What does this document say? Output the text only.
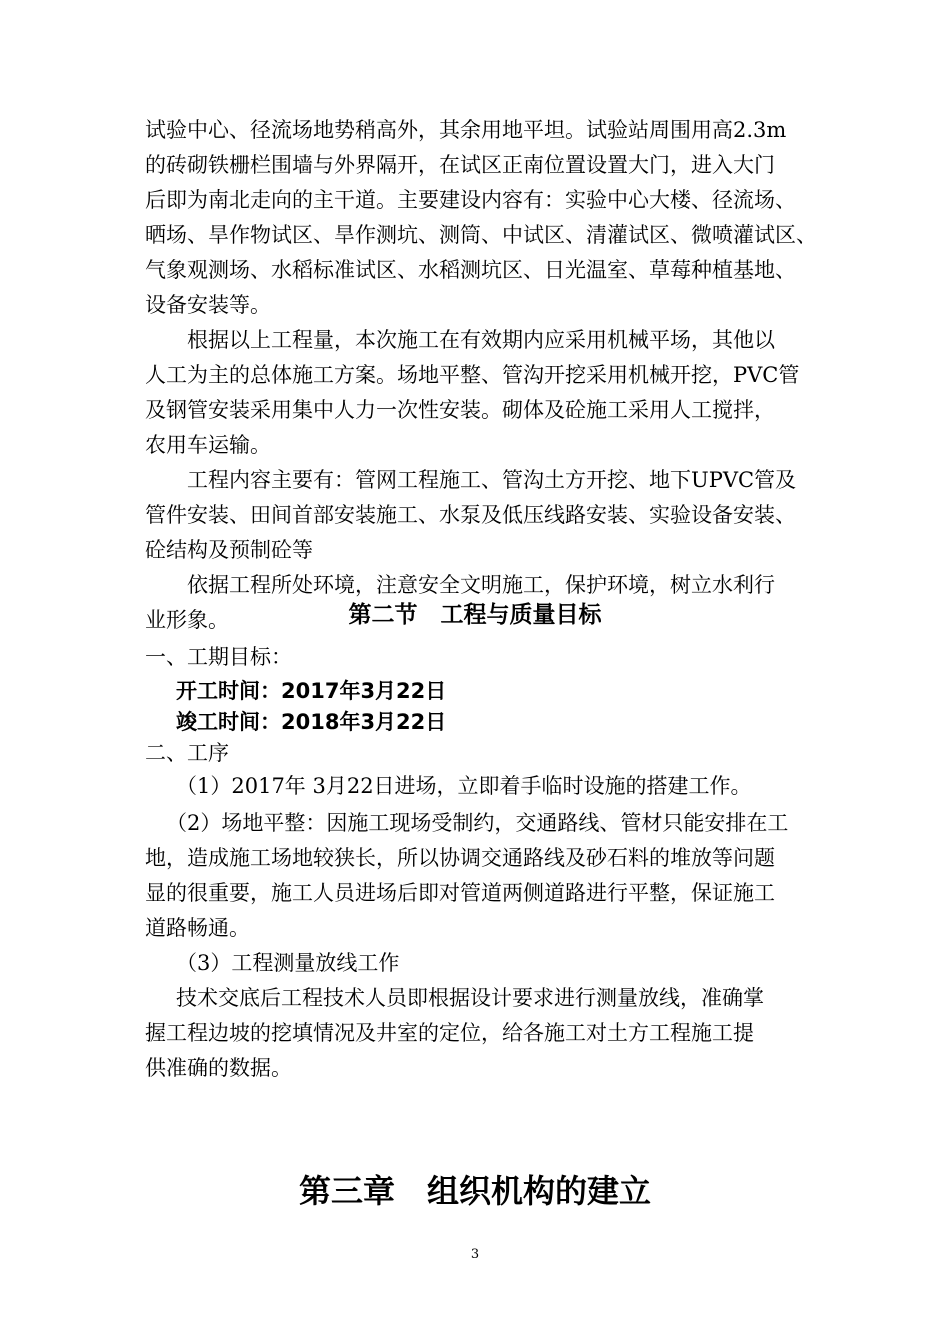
试验中心、径流场地势稍高外，其余用地平坦。试验站周围用高2.3m
的砖砌铁栅栏围墙与外界隔开，在试区正南位置设置大门，进入大门
后即为南北走向的主干道。主要建设内容有：实验中心大楼、径流场、
晒场、旱作物试区、旱作测坑、测筒、中试区、清灌试区、微喷灌试区、
气象观测场、水稻标准试区、水稻测坑区、日光温室、草莓种植基地、
设备安装等。
根据以上工程量，本次施工在有效期内应采用机械平场，其他以
人工为主的总体施工方案。场地平整、管沟开挖采用机械开挖，PVC管
及钢管安装采用集中人力一次性安装。砌体及砼施工采用人工搅拌，
农用车运输。
工程内容主要有：管网工程施工、管沟土方开挖、地下UPVC管及
管件安装、田间首部安装施工、水泵及低压线路安装、实验设备安装、
砼结构及预制砼等
依据工程所处环境，注意安全文明施工，保护环境，树立水利行
业形象。	第二节　工程与质量目标
一、工期目标：
开工时间：2017年3月22日
竣工时间：2018年3月22日
二、工序
（1）2017年 3月22日进场，立即着手临时设施的搭建工作。
（2）场地平整：因施工现场受制约，交通路线、管材只能安排在工
地，造成施工场地较狭长，所以协调交通路线及砂石料的堆放等问题
显的很重要，施工人员进场后即对管道两侧道路进行平整，保证施工
道路畅通。
（3）工程测量放线工作
技术交底后工程技术人员即根据设计要求进行测量放线，准确掌
握工程边坡的挖填情况及井室的定位，给各施工对土方工程施工提
供准确的数据。
第三章　组织机构的建立
3
